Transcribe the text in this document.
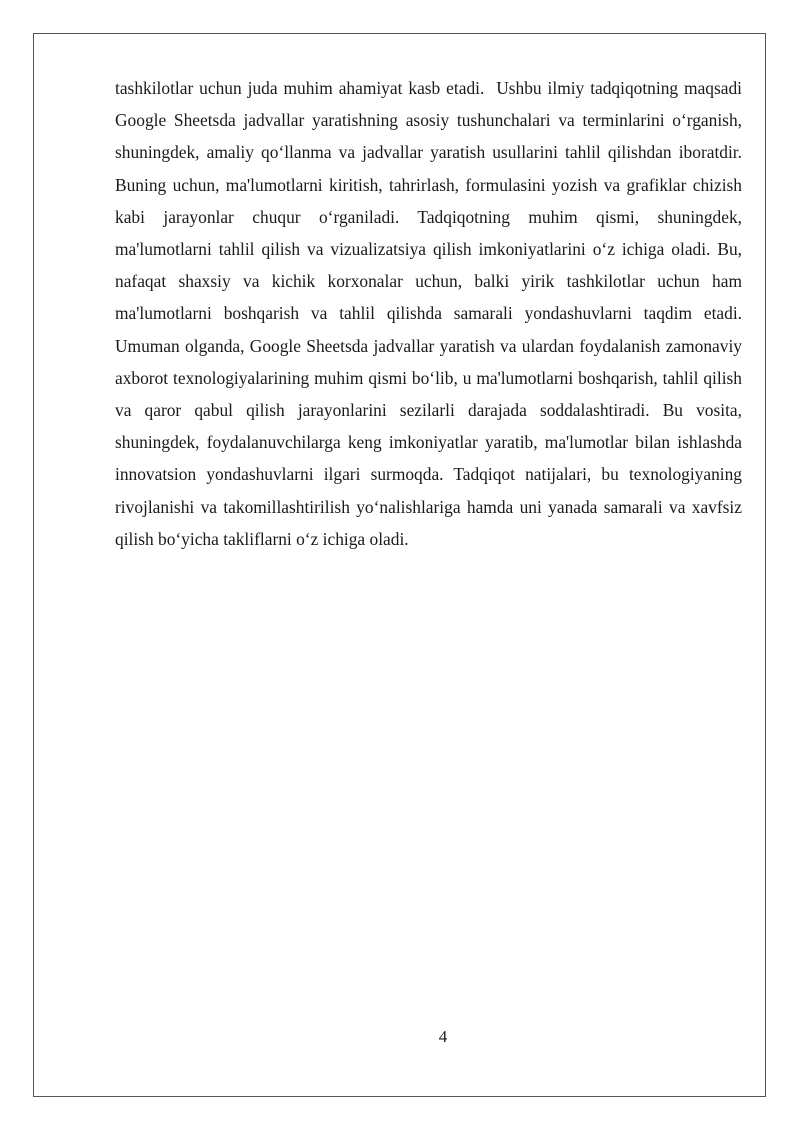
tashkilotlar uchun juda muhim ahamiyat kasb etadi.  Ushbu ilmiy tadqiqotning maqsadi Google Sheetsda jadvallar yaratishning asosiy tushunchalari va terminlarini o‘rganish, shuningdek, amaliy qo‘llanma va jadvallar yaratish usullarini tahlil qilishdan iboratdir. Buning uchun, ma'lumotlarni kiritish, tahrirlash, formulasini yozish va grafiklar chizish kabi jarayonlar chuqur o‘rganiladi. Tadqiqotning muhim qismi, shuningdek, ma'lumotlarni tahlil qilish va vizualizatsiya qilish imkoniyatlarini o‘z ichiga oladi. Bu, nafaqat shaxsiy va kichik korxonalar uchun, balki yirik tashkilotlar uchun ham ma'lumotlarni boshqarish va tahlil qilishda samarali yondashuvlarni taqdim etadi.    Umuman olganda, Google Sheetsda jadvallar yaratish va ulardan foydalanish zamonaviy axborot texnologiyalarining muhim qismi bo‘lib, u ma'lumotlarni boshqarish, tahlil qilish va qaror qabul qilish jarayonlarini sezilarli darajada soddalashtiradi. Bu vosita, shuningdek, foydalanuvchilarga keng imkoniyatlar yaratib, ma'lumotlar bilan ishlashda innovatsion yondashuvlarni ilgari surmoqda. Tadqiqot natijalari, bu texnologiyaning rivojlanishi va takomillashtirilish yo‘nalishlariga hamda uni yanada samarali va xavfsiz qilish bo‘yicha takliflarni o‘z ichiga oladi.

4
